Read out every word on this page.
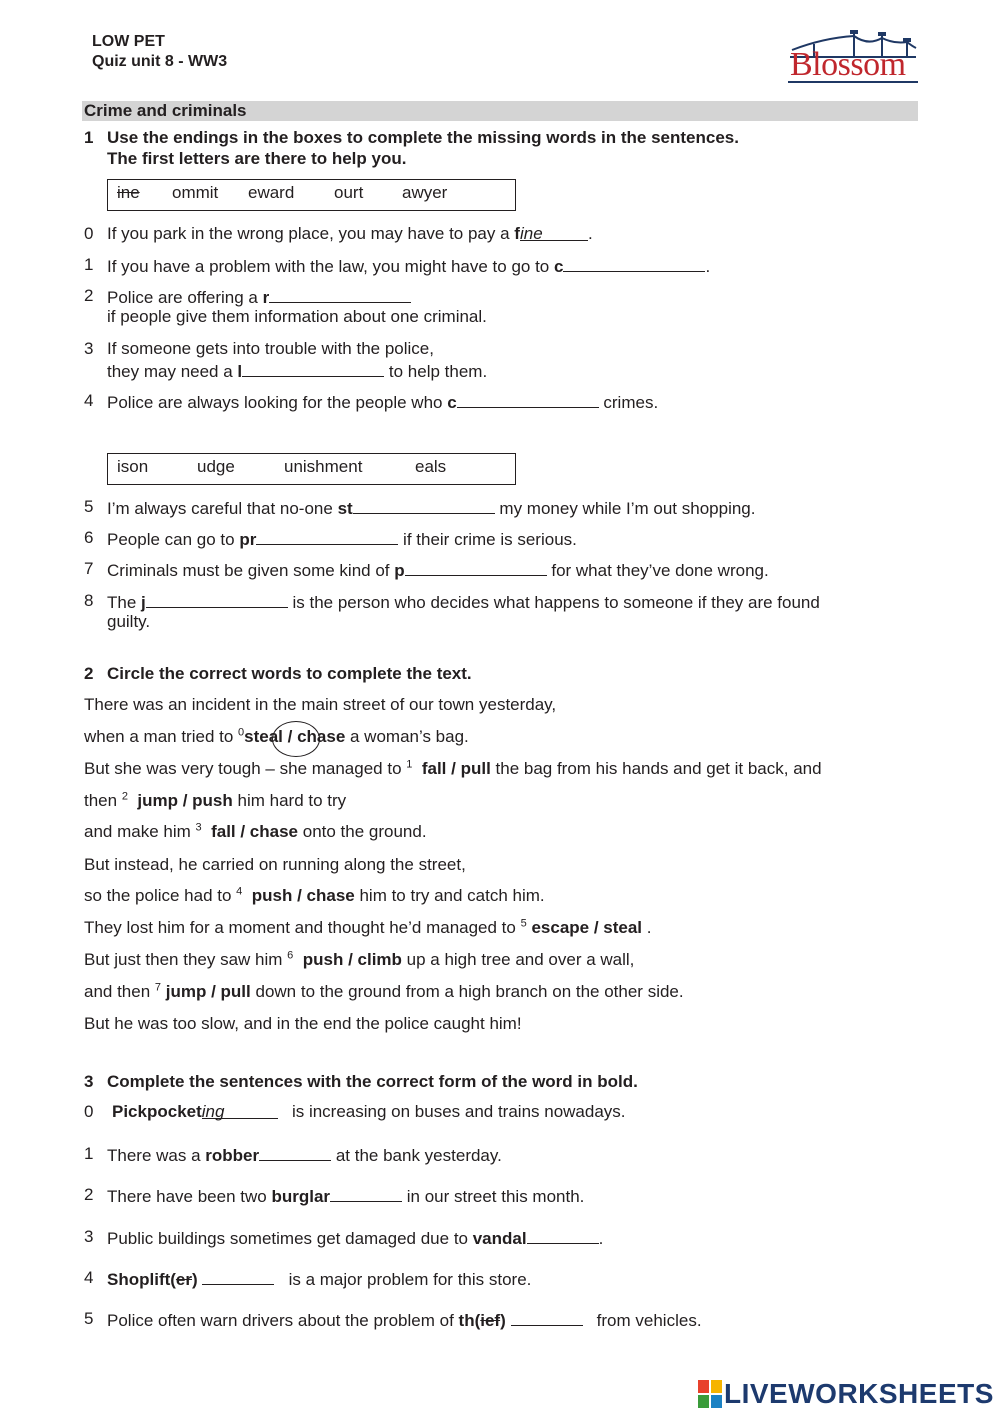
LOW PET
Quiz unit 8 - WW3	Blossom
Crime and criminals
1 Use the endings in the boxes to complete the missing words in the sentences.
The first letters are there to help you.
ine ommit eward ourt awyer
0 If you park in the wrong place, you may have to pay a fine	.
1 If you have a problem with the law, you might have to go to c	.
2 Police are offering a r
if people give them information about one criminal.
3 If someone gets into trouble with the police,
they may need a l	to help them.
4 Police are always looking for the people who c	crimes.
ison	udge	unishment	eals
5 I’m always careful that no-one st	my money while I’m out shopping.
6 People can go to pr	if their crime is serious.
7 Criminals must be given some kind of p	for what they’ve done wrong.
8 The j	is the person who decides what happens to someone if they are found
guilty.
2 Circle the correct words to complete the text.
There was an incident in the main street of our town yesterday,
when a man tried to $^0$steal / chase a woman’s bag.
But she was very tough – she managed to $^1$ fall / pull the bag from his hands and get it back, and
then $^2$ jump / push him hard to try
and make him $^3$ fall / chase onto the ground.
But instead, he carried on running along the street,
so the police had to $^4$ push / chase him to try and catch him.
They lost him for a moment and thought he’d managed to $^5$ escape / steal .
But just then they saw him $^6$ push / climb up a high tree and over a wall,
and then $^7$ jump / pull down to the ground from a high branch on the other side.
But he was too slow, and in the end the police caught him!
3 Complete the sentences with the correct form of the word in bold.
0 Pickpocketing	is increasing on buses and trains nowadays.
1 There was a robber	at the bank yesterday.
2 There have been two burglar	in our street this month.
3 Public buildings sometimes get damaged due to vandal	.
4 Shoplift(er)	is a major problem for this store.
5 Police often warn drivers about the problem of th(ief)	from vehicles.
LIVEWORKSHEETS
